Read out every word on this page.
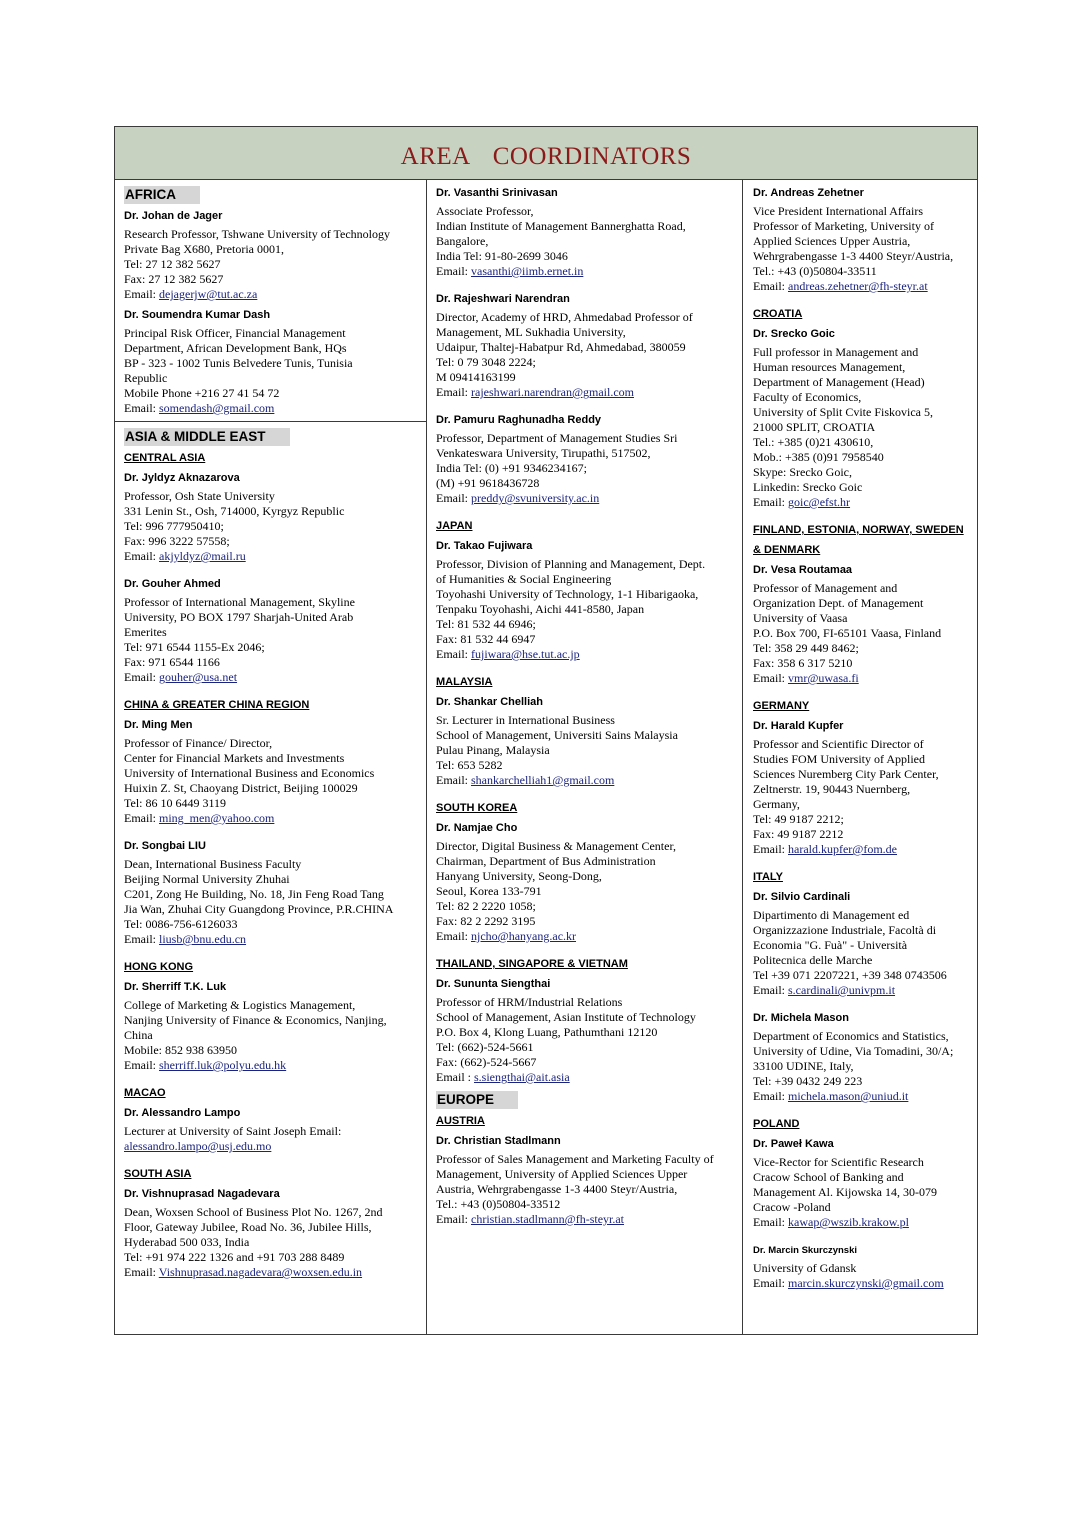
AREA COORDINATORS
AFRICA
Dr. Johan de Jager
Research Professor, Tshwane University of Technology
Private Bag X680, Pretoria 0001,
Tel: 27 12 382 5627
Fax: 27 12 382 5627
Email: dejagerjw@tut.ac.za
Dr. Soumendra Kumar Dash
Principal Risk Officer, Financial Management
Department, African Development Bank, HQs
BP - 323 - 1002 Tunis Belvedere Tunis, Tunisia
Republic
Mobile Phone +216 27 41 54 72
Email: somendash@gmail.com
ASIA & MIDDLE EAST
CENTRAL ASIA
Dr. Jyldyz Aknazarova
Professor, Osh State University
331 Lenin St., Osh, 714000, Kyrgyz Republic
Tel: 996 777950410;
Fax: 996 3222 57558;
Email: akjyldyz@mail.ru
Dr. Gouher Ahmed
Professor of International Management, Skyline
University, PO BOX 1797 Sharjah-United Arab
Emerites
Tel: 971 6544 1155-Ex 2046;
Fax: 971 6544 1166
Email: gouher@usa.net
CHINA & GREATER CHINA REGION
Dr. Ming Men
Professor of Finance/ Director,
Center for Financial Markets and Investments
University of International Business and Economics
Huixin Z. St, Chaoyang District, Beijing 100029
Tel: 86 10 6449 3119
Email: ming_men@yahoo.com
Dr. Songbai LIU
Dean, International Business Faculty
Beijing Normal University Zhuhai
C201, Zong He Building, No. 18, Jin Feng Road Tang
Jia Wan, Zhuhai City Guangdong Province, P.R.CHINA
Tel: 0086-756-6126033
Email: liusb@bnu.edu.cn
HONG KONG
Dr. Sherriff T.K. Luk
College of Marketing & Logistics Management,
Nanjing University of Finance & Economics, Nanjing,
China
Mobile: 852 938 63950
Email: sherriff.luk@polyu.edu.hk
MACAO
Dr. Alessandro Lampo
Lecturer at University of Saint Joseph Email:
alessandro.lampo@usj.edu.mo
SOUTH ASIA
Dr. Vishnuprasad Nagadevara
Dean, Woxsen School of Business Plot No. 1267, 2nd
Floor, Gateway Jubilee, Road No. 36, Jubilee Hills,
Hyderabad 500 033, India
Tel: +91 974 222 1326 and +91 703 288 8489
Email: Vishnuprasad.nagadevara@woxsen.edu.in
Dr. Vasanthi Srinivasan
Associate Professor,
Indian Institute of Management Bannerghatta Road,
Bangalore,
India Tel: 91-80-2699 3046
Email: vasanthi@iimb.ernet.in
Dr. Rajeshwari Narendran
Director, Academy of HRD, Ahmedabad Professor of
Management, ML Sukhadia University,
Udaipur, Thaltej-Habatpur Rd, Ahmedabad, 380059
Tel: 0 79 3048 2224;
M 09414163199
Email: rajeshwari.narendran@gmail.com
Dr. Pamuru Raghunadha Reddy
Professor, Department of Management Studies Sri
Venkateswara University, Tirupathi, 517502,
India Tel: (0) +91 9346234167;
(M) +91 9618436728
Email: preddy@svuniversity.ac.in
JAPAN
Dr. Takao Fujiwara
Professor, Division of Planning and Management, Dept.
of Humanities & Social Engineering
Toyohashi University of Technology, 1-1 Hibarigaoka,
Tenpaku Toyohashi, Aichi 441-8580, Japan
Tel: 81 532 44 6946;
Fax: 81 532 44 6947
Email: fujiwara@hse.tut.ac.jp
MALAYSIA
Dr. Shankar Chelliah
Sr. Lecturer in International Business
School of Management, Universiti Sains Malaysia
Pulau Pinang, Malaysia
Tel: 653 5282
Email: shankarchelliah1@gmail.com
SOUTH KOREA
Dr. Namjae Cho
Director, Digital Business & Management Center,
Chairman, Department of Bus Administration
Hanyang University, Seong-Dong,
Seoul, Korea 133-791
Tel: 82 2 2220 1058;
Fax: 82 2 2292 3195
Email: njcho@hanyang.ac.kr
THAILAND, SINGAPORE & VIETNAM
Dr. Sununta Siengthai
Professor of HRM/Industrial Relations
School of Management, Asian Institute of Technology
P.O. Box 4, Klong Luang, Pathumthani 12120
Tel: (662)-524-5661
Fax: (662)-524-5667
Email : s.siengthai@ait.asia
EUROPE
AUSTRIA
Dr. Christian Stadlmann
Professor of Sales Management and Marketing Faculty of
Management, University of Applied Sciences Upper
Austria, Wehrgrabengasse 1-3 4400 Steyr/Austria,
Tel.: +43 (0)50804-33512
Email: christian.stadlmann@fh-steyr.at
Dr. Andreas Zehetner
Vice President International Affairs
Professor of Marketing, University of
Applied Sciences Upper Austria,
Wehrgrabengasse 1-3 4400 Steyr/Austria,
Tel.: +43 (0)50804-33511
Email: andreas.zehetner@fh-steyr.at
CROATIA
Dr. Srecko Goic
Full professor in Management and
Human resources Management,
Department of Management (Head)
Faculty of Economics,
University of Split Cvite Fiskovica 5,
21000 SPLIT, CROATIA
Tel.: +385 (0)21 430610,
Mob.: +385 (0)91 7958540
Skype: Srecko Goic,
Linkedin: Srecko Goic
Email: goic@efst.hr
FINLAND, ESTONIA, NORWAY, SWEDEN
& DENMARK
Dr. Vesa Routamaa
Professor of Management and
Organization Dept. of Management
University of Vaasa
P.O. Box 700, FI-65101 Vaasa, Finland
Tel: 358 29 449 8462;
Fax: 358 6 317 5210
Email: vmr@uwasa.fi
GERMANY
Dr. Harald Kupfer
Professor and Scientific Director of
Studies FOM University of Applied
Sciences Nuremberg City Park Center,
Zeltnerstr. 19, 90443 Nuernberg,
Germany,
Tel: 49 9187 2212;
Fax: 49 9187 2212
Email: harald.kupfer@fom.de
ITALY
Dr. Silvio Cardinali
Dipartimento di Management ed
Organizzazione Industriale, Facoltà di
Economia "G. Fuà" - Università
Politecnica delle Marche
Tel +39 071 2207221, +39 348 0743506
Email: s.cardinali@univpm.it
Dr. Michela Mason
Department of Economics and Statistics,
University of Udine, Via Tomadini, 30/A;
33100 UDINE, Italy,
Tel: +39 0432 249 223
Email: michela.mason@uniud.it
POLAND
Dr. Paweł Kawa
Vice-Rector for Scientific Research
Cracow School of Banking and
Management Al. Kijowska 14, 30-079
Cracow -Poland
Email: kawap@wszib.krakow.pl
Dr. Marcin Skurczynski
University of Gdansk
Email: marcin.skurczynski@gmail.com
